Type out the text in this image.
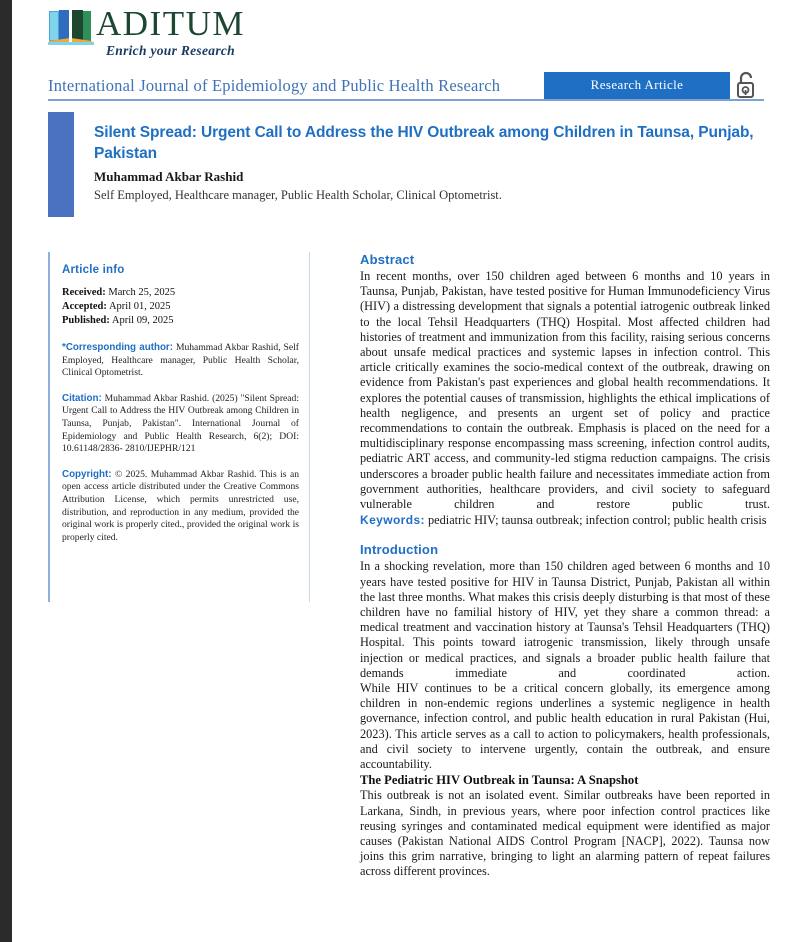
ADITUM
Enrich your Research
International Journal of Epidemiology and Public Health Research	Research Article
Silent Spread: Urgent Call to Address the HIV Outbreak among Children in Taunsa, Punjab, Pakistan
Muhammad Akbar Rashid
Self Employed, Healthcare manager, Public Health Scholar, Clinical Optometrist.
Article info
Received: March 25, 2025
Accepted: April 01, 2025
Published: April 09, 2025
*Corresponding author: Muhammad Akbar Rashid, Self Employed, Healthcare manager, Public Health Scholar, Clinical Optometrist.
Citation: Muhammad Akbar Rashid. (2025) "Silent Spread: Urgent Call to Address the HIV Outbreak among Children in Taunsa, Punjab, Pakistan". International Journal of Epidemiology and Public Health Research, 6(2); DOI: 10.61148/2836- 2810/IJEPHR/121
Copyright: © 2025. Muhammad Akbar Rashid. This is an open access article distributed under the Creative Commons Attribution License, which permits unrestricted use, distribution, and reproduction in any medium, provided the original work is properly cited., provided the original work is properly cited.
Abstract
In recent months, over 150 children aged between 6 months and 10 years in Taunsa, Punjab, Pakistan, have tested positive for Human Immunodeficiency Virus (HIV) a distressing development that signals a potential iatrogenic outbreak linked to the local Tehsil Headquarters (THQ) Hospital. Most affected children had histories of treatment and immunization from this facility, raising serious concerns about unsafe medical practices and systemic lapses in infection control. This article critically examines the socio-medical context of the outbreak, drawing on evidence from Pakistan's past experiences and global health recommendations. It explores the potential causes of transmission, highlights the ethical implications of health negligence, and presents an urgent set of policy and practice recommendations to contain the outbreak. Emphasis is placed on the need for a multidisciplinary response encompassing mass screening, infection control audits, pediatric ART access, and community-led stigma reduction campaigns. The crisis underscores a broader public health failure and necessitates immediate action from government authorities, healthcare providers, and civil society to safeguard vulnerable children and restore public trust.
Keywords: pediatric HIV; taunsa outbreak; infection control; public health crisis
Introduction
In a shocking revelation, more than 150 children aged between 6 months and 10 years have tested positive for HIV in Taunsa District, Punjab, Pakistan all within the last three months. What makes this crisis deeply disturbing is that most of these children have no familial history of HIV, yet they share a common thread: a medical treatment and vaccination history at Taunsa's Tehsil Headquarters (THQ) Hospital. This points toward iatrogenic transmission, likely through unsafe injection or medical practices, and signals a broader public health failure that demands immediate and coordinated action.
While HIV continues to be a critical concern globally, its emergence among children in non-endemic regions underlines a systemic negligence in health governance, infection control, and public health education in rural Pakistan (Hui, 2023). This article serves as a call to action to policymakers, health professionals, and civil society to intervene urgently, contain the outbreak, and ensure accountability.
The Pediatric HIV Outbreak in Taunsa: A Snapshot
This outbreak is not an isolated event. Similar outbreaks have been reported in Larkana, Sindh, in previous years, where poor infection control practices like reusing syringes and contaminated medical equipment were identified as major causes (Pakistan National AIDS Control Program [NACP], 2022). Taunsa now joins this grim narrative, bringing to light an alarming pattern of repeat failures across different provinces.
